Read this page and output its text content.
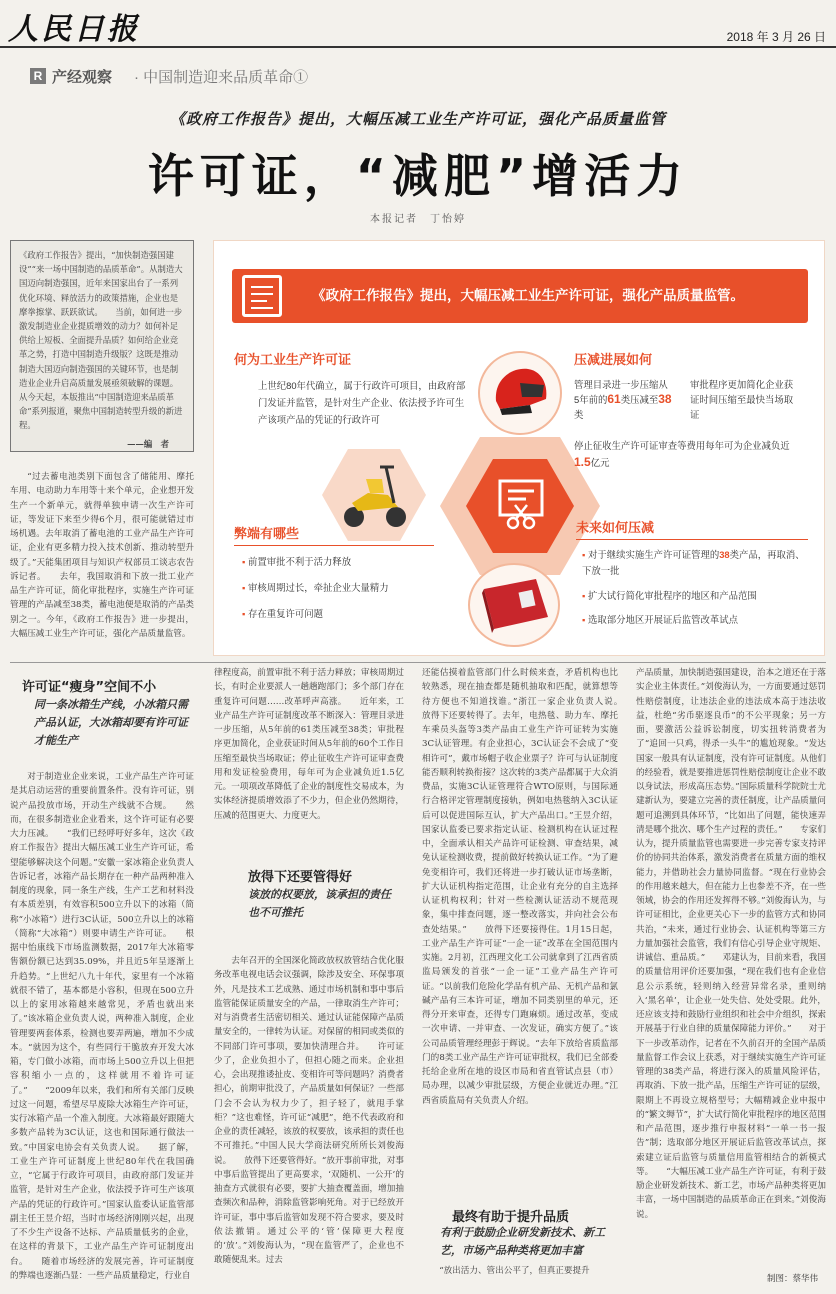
人民日报	2018 年 3 月 26 日
R 产经观察 · 中国制造迎来品质革命①
《政府工作报告》提出，大幅压减工业生产许可证，强化产品质量监管
许可证，“减肥”增活力
本报记者　丁怡婷
《政府工作报告》提出，“加快制造强国建设”“来一场中国制造的品质革命”。从制造大国迈向制造强国，近年来国家出台了一系列优化环境、释放活力的政策措施，企业也是摩拳擦掌、跃跃欲试。　　当前，如何进一步激发制造业企业提质增效的动力？如何补足供给上短板、全面提升品质？如何给企业竞革之势，打造中国制造升级版？这既是推动制造大国迈向制造强国的关键环节，也是制造业企业升启高质量发展亟须破解的课题。从今天起，本版推出“中国制造迎来品质革命”系列报道，聚焦中国制造转型升级的新进程。
——编　者
《政府工作报告》提出，大幅压减工业生产许可证，强化产品质量监管。
何为工业生产许可证
上世纪80年代确立，属于行政许可项目，由政府部门发证并监管，是针对生产企业、依法授予许可生产该项产品的凭证的行政许可
压减进展如何
管理目录进一步压缩从5年前的61类压减至38类
审批程序更加简化企业获证时间压缩至最快当场取证
停止征收生产许可证审查等费用每年可为企业减负近1.5亿元
弊端有哪些
▪ 前置审批不利于活力释放
▪ 审核周期过长，牵扯企业大量精力
▪ 存在重复许可问题
未来如何压减
▪ 对于继续实施生产许可证管理的38类产品，再取消、下放一批
▪ 扩大试行简化审批程序的地区和产品范围
▪ 选取部分地区开展证后监管改革试点

“过去蓄电池类别下面包含了储能用、摩托车用、电动助力车用等十来个单元，企业想开发生产一个新单元，就得单独申请一次生产许可证，等发证下来至少得6个月，很可能就错过市场机遇。去年取消了蓄电池的工业产品生产许可证，企业有更多精力投入技术创新、推动转型升级了。”天能集团项目与知识产权部员工谈志农告诉记者。　　去年，我国取消和下放一批工业产品生产许可证，简化审批程序，实施生产许可证管理的产品减至38类，蓄电池便是取消的产品类别之一。今年，《政府工作报告》进一步提出，大幅压减工业生产许可证，强化产品质量监管。

许可证“瘦身”空间不小
同一条冰箱生产线，小冰箱只需产品认证，大冰箱却要有许可证才能生产

对于制造业企业来说，工业产品生产许可证是其启动运营的重要前置条件。没有许可证，别说产品投放市场，开动生产线就不合规。　　然而，在很多制造业企业看来，这个许可证有必要大力压减。　　“我们已经呼吁好多年，这次《政府工作报告》提出大幅压减工业生产许可证，希望能够解决这个问题。”安徽一家冰箱企业负责人告诉记者，冰箱产品长期存在一种产品两种准入制度的现象，同一条生产线，生产工艺和材料没有本质差别，有效容积500立升以下的冰箱（简称“小冰箱”）进行3C认证，500立升以上的冰箱（简称“大冰箱”）则要申请生产许可证。　　根据中怡康线下市场监测数据，2017年大冰箱零售额份额已达到35.09%，并且近5年呈逐渐上升趋势。“上世纪八九十年代，家里有一个冰箱就很不错了，基本都是小容积，但现在500立升以上的家用冰箱越来越常见，矛盾也就出来了。”该冰箱企业负责人说，两种准入制度，企业管理要两套体系，检测也要弄两遍，增加不少成本。“就因为这个，有些同行干脆放弃开发大冰箱，专门做小冰箱，而市场上500立升以上但把容积缩小一点的，这样就用不着许可证了。”　　“2009年以来，我们和所有关部门反映过这一问题，希望尽早废除大冰箱生产许可证，实行冰箱产品一个准入制度。大冰箱最好跟随大多数产品转为3C认证，这也和国际通行做法一致。”中国家电协会有关负责人说。　　据了解，工业生产许可证制度上世纪80年代在我国确立，“它属于行政许可项目，由政府部门发证并监管，是针对生产企业，依法授予许可生产该项产品的凭证的行政许可。”国家认监委认证监管部副主任王昱介绍，当时市场经济刚刚兴起，出现了不少生产设备不达标、产品质量低劣的企业，在这样的背景下，工业产品生产许可证制度出台。　　随着市场经济的发展完善，许可证制度的弊端也逐渐凸显：一些产品质量稳定，行业自

律程度高，前置审批不利于活力释放；审核周期过长，有时企业要派人一趟趟跑部门；多个部门存在重复许可问题……改革呼声高涨。　　近年来，工业产品生产许可证制度改革不断深入：管理目录进一步压缩，从5年前的61类压减至38类；审批程序更加简化，企业获证时间从5年前的60个工作日压缩至最快当场取证；停止征收生产许可证审查费用和发证检验费用，每年可为企业减负近1.5亿元。一项项改革降低了企业的制度性交易成本，为实体经济提质增效添了不少力，但企业仍然期待，压减的范围更大、力度更大。

放得下还要管得好
该放的权要放，该承担的责任也不可推托

去年召开的全国深化简政放权放管结合优化服务改革电视电话会议强调，除涉及安全、环保事项外，凡是技术工艺成熟、通过市场机制和事中事后监管能保证质量安全的产品，一律取消生产许可；对与消费者生活密切相关、通过认证能保障产品质量安全的，一律转为认证。对保留的相同或类似的不同部门许可事项，要加快清理合并。　　许可证少了，企业负担小了，但担心随之而来。企业担心，会出现推诿扯皮、变相许可等问题吗？消费者担心，前期审批没了，产品质量如何保证？一些部门会不会认为权力少了，担子轻了，就甩手掌柜？”这也难怪，许可证“减肥”，绝不代表政府和企业的责任减轻，该放的权要放，该承担的责任也不可推托。”中国人民大学商法研究所所长刘俊海说。　　放得下还要管得好。“放开事前审批，对事中事后监管提出了更高要求，‘双随机、一公开’的抽查方式就很有必要，要扩大抽查覆盖面，增加抽查频次和品种，消除监管影响死角。对于已经放开许可证，事中事后监管如发现不符合要求，要及时依法撤销。通过公平的‘管’保障更大程度的‘放’。”刘俊海认为，“现在监管严了，企业也不敢随便乱来。过去

还能估摸着监管部门什么时候来查，矛盾机构也比较熟悉，现在抽查都是随机抽取和匹配，就算想等待方便也不知道找谁。”浙江一家企业负责人说。　　放得下还要转得了。去年，电热毯、助力车、摩托车乘员头盔等3类产品由工业生产许可证转为实施3C认证管理。有企业担心，3C认证会不会成了“变相许可”，戴市场帽子收企业票子？许可与认证制度能否顺利转换衔接？这次转的3类产品都属于大众消费品，实施3C认证管理符合WTO原则，与国际通行合格评定管理制度接轨，例如电热毯纳入3C认证后可以促进国际互认，扩大产品出口。”王昱介绍，国家认监委已要求指定认证、检测机构在认证过程中，全面承认相关产品许可证检测、审查结果，减免认证检测收费，提前做好转换认证工作。“为了避免变相许可，我们还将进一步打破认证市场垄断，扩大认证机构指定范围，让企业有充分的自主选择认证机构权利；针对一些检测认证活动不规范现象，集中排查问题，逐一整改落实，并向社会公布查处结果。”　　放得下还要接得住。1月15日起，工业产品生产许可证“一企一证”改革在全国范围内实施。2月初，江西理文化工公司就拿到了江西省质监局颁发的首张“一企一证”工业产品生产许可证。“以前我们危险化学品有机产品、无机产品和氯碱产品有三本许可证，增加不同类别里的单元，还得分开来审查，还得专门跑麻烦。通过改革，变成一次申请、一并审查、一次发证，确实方便了。”该公司品质管理经理彭于辉说。“去年下放给省质监部门的8类工业产品生产许可证审批权，我们已全部委托给企业所在地的设区市局和省直管试点县（市）局办理，以减少审批层级，方便企业就近办理。”江西省质监局有关负责人介绍。

最终有助于提升品质
有利于鼓励企业研发新技术、新工艺，市场产品种类将更加丰富

“放出活力、管出公平了，但真正要提升

产品质量，加快制造强国建设，治本之道还在于落实企业主体责任。”刘俊海认为，一方面要通过惩罚性赔偿制度，让违法企业的违法成本高于违法收益，杜绝“劣币驱逐良币”的不公平现象；另一方面，要激活公益诉讼制度，切实扭转消费者为了“追回一只鸡，得杀一头牛”的尴尬现象。“发达国家一般具有认证制度，没有许可证制度。从他们的经验看，就是要推进惩罚性赔偿制度让企业不敢以身试法，形成高压态势。”国际质量科学院院士尤建新认为，要建立完善的责任制度，让产品质量问题可追溯到具体环节，“比如出了问题，能快速弄清是哪个批次、哪个生产过程的责任。”　　专家们认为，提升质量监管也需要进一步完善专家支持评价的协同共治体系，激发消费者在质量方面的维权能力，并借助社会力量协同监督。“现在行业协会的作用越来越大，但在能力上也参差不齐，在一些领域，协会的作用还发挥得不够。”刘俊海认为，与许可证相比，企业更关心下一步的监管方式和协同共治，“未来，通过行业协会、认证机构等第三方力量加强社会监管，我们有信心引导企业守规矩、讲诚信、重品质。”　　邓建认为，目前来看，我国的质量信用评价还要加强，“现在我们也有企业信息公示系统，轻则纳入经营异常名录，重则纳入‘黑名单’，让企业一处失信、处处受限。此外，还应该支持和鼓励行业组织和社会中介组织，探索开展基于行业自律的质量保障能力评价。”　　对于下一步改革动作，记者在不久前召开的全国产品质量监督工作会议上获悉，对于继续实施生产许可证管理的38类产品，将进行深入的质量风险评估，再取消、下放一批产品，压缩生产许可证的层级，限期上不再设立规格型号；大幅精减企业申报中的“繁文缛节”，扩大试行简化审批程序的地区范围和产品范围，逐步推行申报材料“一单一书一报告”制；选取部分地区开展证后监管改革试点，探索建立证后监管与质量信用监管相结合的新模式等。　　“大幅压减工业产品生产许可证，有利于鼓励企业研发新技术、新工艺，市场产品种类将更加丰富，一场中国制造的品质革命正在到来。”刘俊海说。

制图：蔡华伟
